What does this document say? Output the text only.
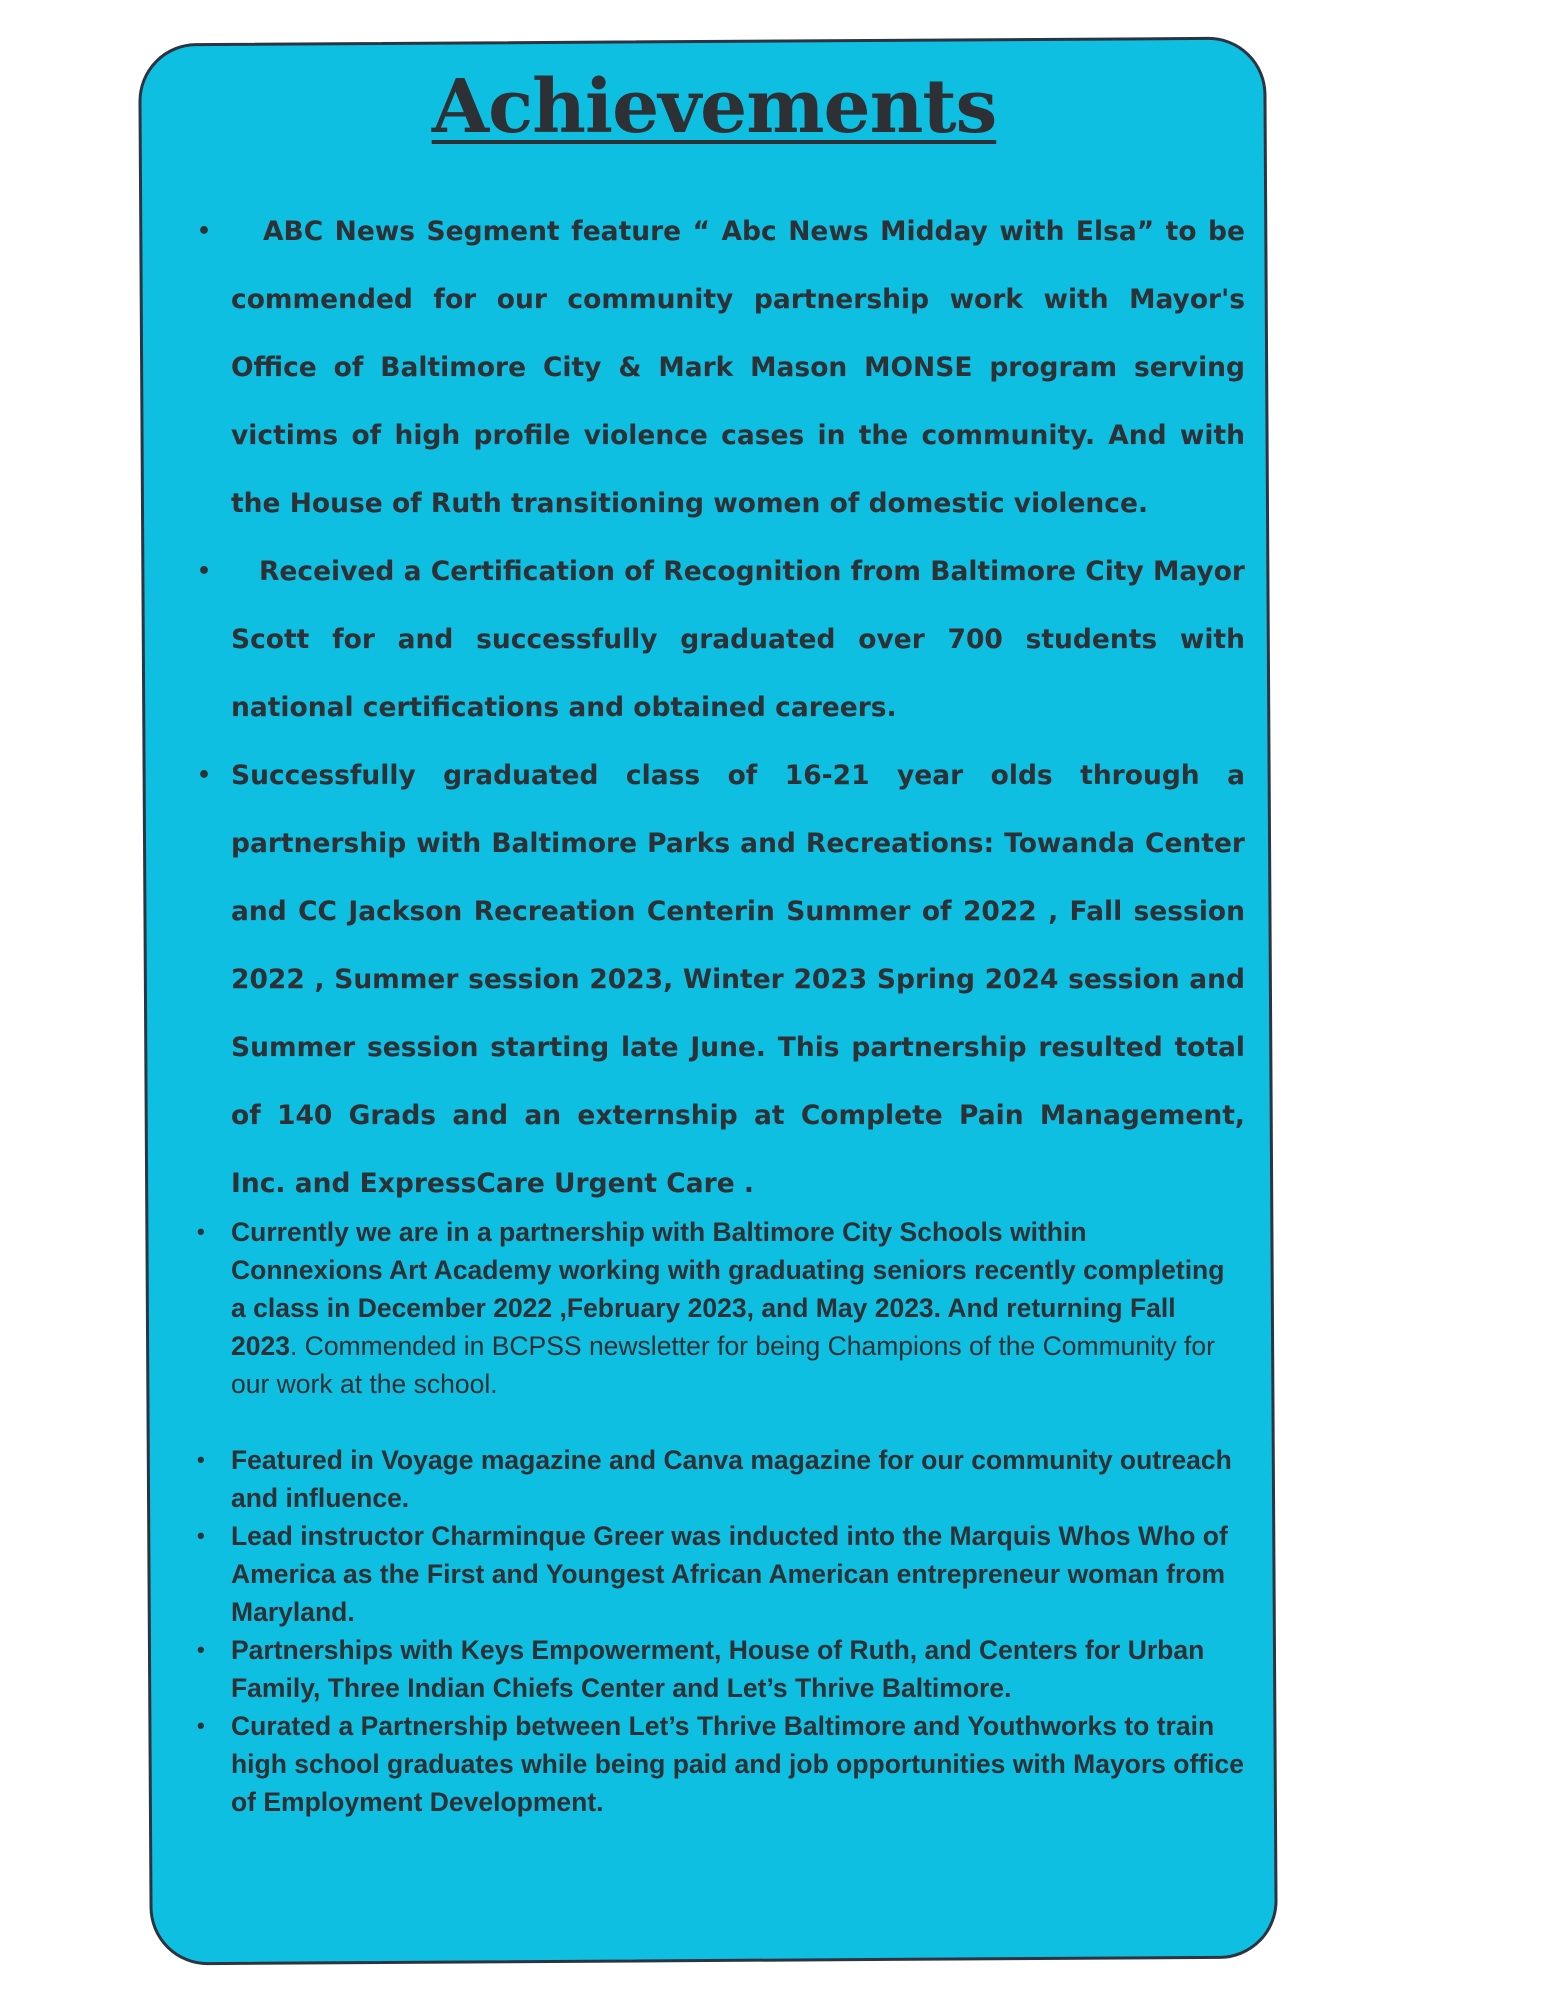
Achievements
• ABC News Segment feature “ Abc News Midday with Elsa” to be commended for our community partnership work with Mayor's Office of Baltimore City & Mark Mason MONSE program serving victims of high profile violence cases in the community. And with the House of Ruth transitioning women of domestic violence.
• Received a Certification of Recognition from Baltimore City Mayor Scott for and successfully graduated over 700 students with national certifications and obtained careers.
• Successfully graduated class of 16-21 year olds through a partnership with Baltimore Parks and Recreations: Towanda Center and CC Jackson Recreation Centerin Summer of 2022 , Fall session 2022 , Summer session 2023, Winter 2023 Spring 2024 session and Summer session starting late June. This partnership resulted total of 140 Grads and an externship at Complete Pain Management, Inc. and ExpressCare Urgent Care .
• Currently we are in a partnership with Baltimore City Schools within Connexions Art Academy working with graduating seniors recently completing a class in December 2022 ,February 2023, and May 2023. And returning Fall 2023. Commended in BCPSS newsletter for being Champions of the Community for our work at the school.
• Featured in Voyage magazine and Canva magazine for our community outreach and influence.
• Lead instructor Charminque Greer was inducted into the Marquis Whos Who of America as the First and Youngest African American entrepreneur woman from Maryland.
• Partnerships with Keys Empowerment, House of Ruth, and Centers for Urban Family, Three Indian Chiefs Center and Let’s Thrive Baltimore.
• Curated a Partnership between Let’s Thrive Baltimore and Youthworks to train high school graduates while being paid and job opportunities with Mayors office of Employment Development.
